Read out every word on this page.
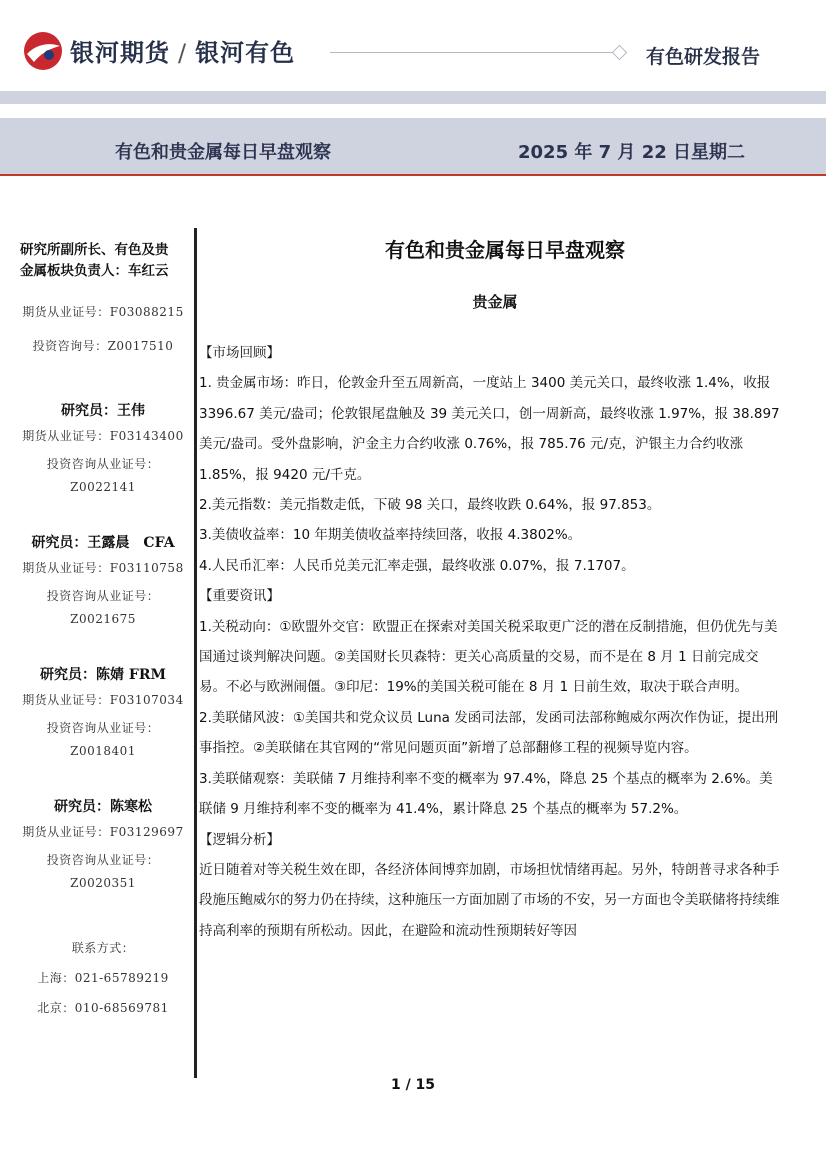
银河期货 / 银河有色	有色研发报告
有色和贵金属每日早盘观察	2025 年 7 月 22 日星期二
研究所副所长、有色及贵
金属板块负责人：车红云
期货从业证号：F03088215
投资咨询号：Z0017510
研究员：王伟
期货从业证号：F03143400
投资咨询从业证号：
Z0022141
研究员：王露晨　CFA
期货从业证号：F03110758
投资咨询从业证号：
Z0021675
研究员：陈婧 FRM
期货从业证号：F03107034
投资咨询从业证号：
Z0018401
研究员：陈寒松
期货从业证号：F03129697
投资咨询从业证号：
Z0020351
联系方式：
上海：021-65789219
北京：010-68569781
有色和贵金属每日早盘观察
贵金属

【市场回顾】

1. 贵金属市场：昨日，伦敦金升至五周新高，一度站上 3400 美元关口，最终收涨 1.4%，收报 3396.67 美元/盎司；伦敦银尾盘触及 39 美元关口，创一周新高，最终收涨 1.97%，报 38.897 美元/盎司。受外盘影响，沪金主力合约收涨 0.76%，报 785.76 元/克，沪银主力合约收涨 1.85%，报 9420 元/千克。

2.美元指数：美元指数走低，下破 98 关口，最终收跌 0.64%，报 97.853。

3.美债收益率：10 年期美债收益率持续回落，收报 4.3802%。

4.人民币汇率：人民币兑美元汇率走强，最终收涨 0.07%，报 7.1707。

【重要资讯】

1.关税动向：①欧盟外交官：欧盟正在探索对美国关税采取更广泛的潜在反制措施，但仍优先与美国通过谈判解决问题。②美国财长贝森特：更关心高质量的交易，而不是在 8 月 1 日前完成交易。不必与欧洲闹僵。③印尼：19%的美国关税可能在 8 月 1 日前生效，取决于联合声明。

2.美联储风波：①美国共和党众议员 Luna 发函司法部，发函司法部称鲍威尔两次作伪证，提出刑事指控。②美联储在其官网的“常见问题页面”新增了总部翻修工程的视频导览内容。

3.美联储观察：美联储 7 月维持利率不变的概率为 97.4%，降息 25 个基点的概率为 2.6%。美联储 9 月维持利率不变的概率为 41.4%，累计降息 25 个基点的概率为 57.2%。

【逻辑分析】

近日随着对等关税生效在即，各经济体间博弈加剧，市场担忧情绪再起。另外，特朗普寻求各种手段施压鲍威尔的努力仍在持续，这种施压一方面加剧了市场的不安，另一方面也令美联储将持续维持高利率的预期有所松动。因此，在避险和流动性预期转好等因

1 / 15
